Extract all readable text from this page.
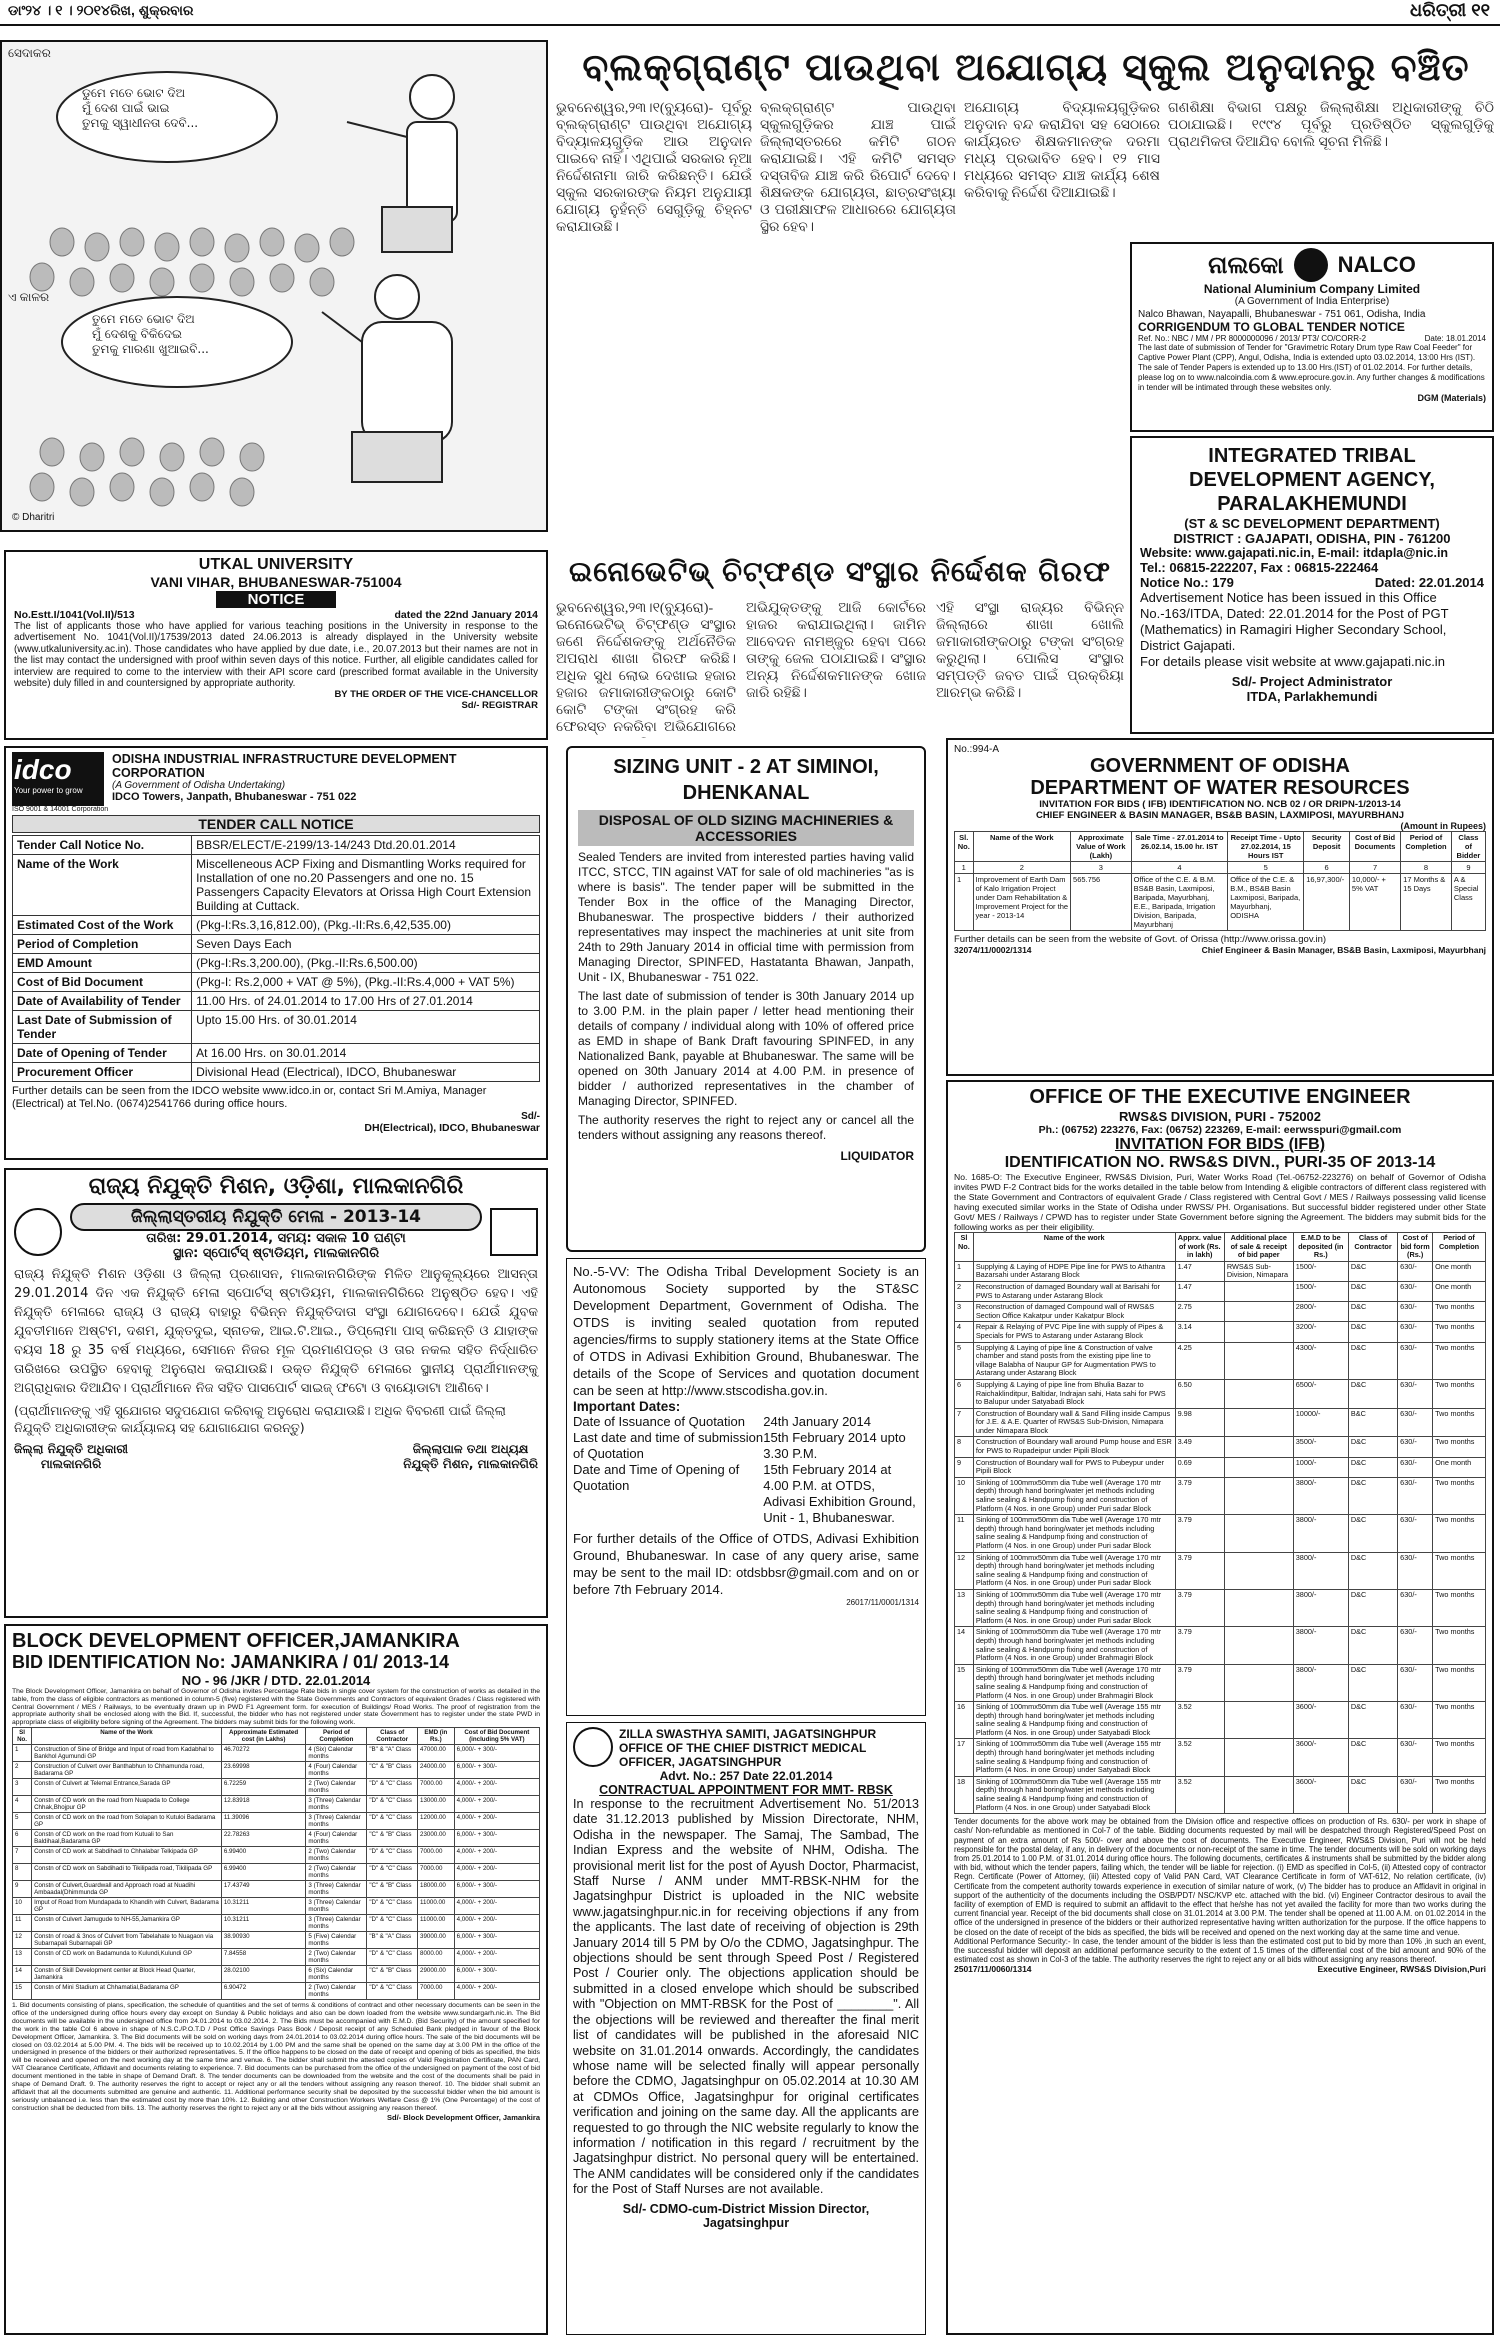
ଡାଂ୨୪ । ୧ । ୨୦୧୪ରିଖ, ଶୁକ୍ରବାର	ଧରିତ୍ରୀ ୧୧
ସେଦାକର
ଡୁମେ ମତେ ଭୋଟ ଦିଅ
ମୁଁ ଦେଶ ପାଇଁ ଭାଇ
ତୁମକୁ ସ୍ୱାଧୀନତା ଦେବି...
ଏ କାଳର
ତୁମେ ମତେ ଭୋଟ ଦିଅ
ମୁଁ ଦେଶକୁ ବିକିଦେଇ
ତୁମକୁ ମାରଣା ଖୁଆଇବି...
© Dharitri
ବ୍ଲକ୍‌ଗ୍ରାଣ୍ଟ ପାଉଥିବା ଅଯୋଗ୍ୟ ସ୍କୁଲ ଅନୁଦାନରୁ ବଞ୍ଚିତ

ଭୁବନେଶ୍ୱର,୨୩।୧(ବ୍ୟୁରୋ)- ପୂର୍ବରୁ ବ୍ଲକ୍‌ଗ୍ରାଣ୍ଟ ପାଉଥିବା ଅଯୋଗ୍ୟ ବିଦ୍ୟାଳୟଗୁଡ଼ିକ ଆଉ ଅନୁଦାନ ପାଇବେ ନାହିଁ। ଏଥିପାଇଁ ସରକାର ନୂଆ ନିର୍ଦ୍ଦେଶନାମା ଜାରି କରିଛନ୍ତି। ଯେଉଁ ସ୍କୁଲ ସରକାରଙ୍କ ନିୟମ ଅନୁଯାୟୀ ଯୋଗ୍ୟ ନୁହଁନ୍ତି ସେଗୁଡ଼ିକୁ ଚିହ୍ନଟ କରାଯାଉଛି।

ବ୍ଲକ୍‌ଗ୍ରାଣ୍ଟ ପାଉଥିବା ସ୍କୁଲଗୁଡ଼ିକର ଯାଞ୍ଚ ପାଇଁ ଜିଲ୍ଲାସ୍ତରରେ କମିଟି ଗଠନ କରାଯାଇଛି। ଏହି କମିଟି ସମସ୍ତ ଦସ୍ତାବିଜ ଯାଞ୍ଚ କରି ରିପୋର୍ଟ ଦେବେ। ଶିକ୍ଷକଙ୍କ ଯୋଗ୍ୟତା, ଛାତ୍ରସଂଖ୍ୟା ଓ ପରୀକ୍ଷାଫଳ ଆଧାରରେ ଯୋଗ୍ୟତା ସ୍ଥିର ହେବ।

ଅଯୋଗ୍ୟ ବିଦ୍ୟାଳୟଗୁଡ଼ିକର ଅନୁଦାନ ବନ୍ଦ କରାଯିବା ସହ ସେଠାରେ କାର୍ଯ୍ୟରତ ଶିକ୍ଷକମାନଙ୍କ ଦରମା ମଧ୍ୟ ପ୍ରଭାବିତ ହେବ। ୧୨ ମାସ ମଧ୍ୟରେ ସମସ୍ତ ଯାଞ୍ଚ କାର୍ଯ୍ୟ ଶେଷ କରିବାକୁ ନିର୍ଦ୍ଦେଶ ଦିଆଯାଇଛି।

ଗଣଶିକ୍ଷା ବିଭାଗ ପକ୍ଷରୁ ଜିଲ୍ଲାଶିକ୍ଷା ଅଧିକାରୀଙ୍କୁ ଚିଠି ପଠାଯାଇଛି। ୧୯୯୪ ପୂର୍ବରୁ ପ୍ରତିଷ୍ଠିତ ସ୍କୁଲଗୁଡ଼ିକୁ ପ୍ରାଥମିକତା ଦିଆଯିବ ବୋଲି ସୂଚନା ମିଳିଛି।

ନାଲକୋ NALCO
National Aluminium Company Limited
(A Government of India Enterprise)
Nalco Bhawan, Nayapalli, Bhubaneswar - 751 061, Odisha, India
CORRIGENDUM TO GLOBAL TENDER NOTICE
Ref. No.: NBC / MM / PR 8000000096 / 2013/ PT3/ CO/CORR-2	Date: 18.01.2014
The last date of submission of Tender for "Gravimetric Rotary Drum type Raw Coal Feeder" for Captive Power Plant (CPP), Angul, Odisha, India is extended upto 03.02.2014, 13:00 Hrs (IST). The sale of Tender Papers is extended up to 13.00 Hrs.(IST) of 01.02.2014. For further details, please log on to www.nalcoindia.com & www.eprocure.gov.in. Any further changes & modifications in tender will be intimated through these websites only.
DGM (Materials)
INTEGRATED TRIBAL DEVELOPMENT AGENCY, PARALAKHEMUNDI
(ST & SC DEVELOPMENT DEPARTMENT)
DISTRICT : GAJAPATI, ODISHA, PIN - 761200
Website: www.gajapati.nic.in, E-mail: itdapla@nic.in
Tel.: 06815-222207, Fax : 06815-222464
Notice No.: 179	Dated: 22.01.2014
Advertisement Notice has been issued in this Office No.-163/ITDA, Dated: 22.01.2014 for the Post of PGT (Mathematics) in Ramagiri Higher Secondary School, District Gajapati.
For details please visit website at www.gajapati.nic.in
Sd/- Project Administrator
ITDA, Parlakhemundi
UTKAL UNIVERSITY
VANI VIHAR, BHUBANESWAR-751004
NOTICE
No.Estt.I/1041(Vol.II)/513	dated the 22nd January 2014
The list of applicants those who have applied for various teaching positions in the University in response to the advertisement No. 1041(Vol.II)/17539/2013 dated 24.06.2013 is already displayed in the University website (www.utkaluniversity.ac.in). Those candidates who have applied by due date, i.e., 20.07.2013 but their names are not in the list may contact the undersigned with proof within seven days of this notice. Further, all eligible candidates called for interview are required to come to the interview with their API score card (prescribed format available in the University website) duly filled in and countersigned by appropriate authority.
BY THE ORDER OF THE VICE-CHANCELLOR
Sd/- REGISTRAR
ଇନୋଭେଟିଭ୍ ଚିଟ୍‌ଫଣ୍ଡ ସଂସ୍ଥାର ନିର୍ଦ୍ଦେଶକ ଗିରଫ

ଭୁବନେଶ୍ୱର,୨୩।୧(ବ୍ୟୁରୋ)- ଇନୋଭେଟିଭ୍ ଚିଟ୍‌ଫଣ୍ଡ ସଂସ୍ଥାର ଜଣେ ନିର୍ଦ୍ଦେଶକଙ୍କୁ ଅର୍ଥନୈତିକ ଅପରାଧ ଶାଖା ଗିରଫ କରିଛି। ଅଧିକ ସୁଧ ଲୋଭ ଦେଖାଇ ହଜାର ହଜାର ଜମାକାରୀଙ୍କଠାରୁ କୋଟି କୋଟି ଟଙ୍କା ସଂଗ୍ରହ କରି ଫେରସ୍ତ ନକରିବା ଅଭିଯୋଗରେ

ଅଭିଯୁକ୍ତଙ୍କୁ ଆଜି କୋର୍ଟରେ ହାଜର କରାଯାଇଥିଲା। ଜାମିନ ଆବେଦନ ନାମଞ୍ଜୁର ହେବା ପରେ ତାଙ୍କୁ ଜେଲ ପଠାଯାଇଛି। ସଂସ୍ଥାର ଅନ୍ୟ ନିର୍ଦ୍ଦେଶକମାନଙ୍କ ଖୋଜ ଜାରି ରହିଛି।

ଏହି ସଂସ୍ଥା ରାଜ୍ୟର ବିଭିନ୍ନ ଜିଲ୍ଲାରେ ଶାଖା ଖୋଲି ଜମାକାରୀଙ୍କଠାରୁ ଟଙ୍କା ସଂଗ୍ରହ କରୁଥିଲା। ପୋଲିସ ସଂସ୍ଥାର ସମ୍ପତ୍ତି ଜବତ ପାଇଁ ପ୍ରକ୍ରିୟା ଆରମ୍ଭ କରିଛି।

idco
Your power to grow
ODISHA INDUSTRIAL INFRASTRUCTURE DEVELOPMENT CORPORATION
(A Government of Odisha Undertaking)
IDCO Towers, Janpath, Bhubaneswar - 751 022
ISO 9001 & 14001 Corporation
TENDER CALL NOTICE
Tender Call Notice No.	BBSR/ELECT/E-2199/13-14/243 Dtd.20.01.2014
Name of the Work	Miscelleneous ACP Fixing and Dismantling Works required for Installation of one no.20 Passengers and one no. 15 Passengers Capacity Elevators at Orissa High Court Extension Building at Cuttack.
Estimated Cost of the Work	(Pkg-I:Rs.3,16,812.00), (Pkg.-II:Rs.6,42,535.00)
Period of Completion	Seven Days Each
EMD Amount	(Pkg-I:Rs.3,200.00), (Pkg.-II:Rs.6,500.00)
Cost of Bid Document	(Pkg-I: Rs.2,000 + VAT @ 5%), (Pkg.-II:Rs.4,000 + VAT 5%)
Date of Availability of Tender	11.00 Hrs. of 24.01.2014 to 17.00 Hrs of 27.01.2014
Last Date of Submission of Tender	Upto 15.00 Hrs. of 30.01.2014
Date of Opening of Tender	At 16.00 Hrs. on 30.01.2014
Procurement Officer	Divisional Head (Electrical), IDCO, Bhubaneswar
Further details can be seen from the IDCO website www.idco.in or, contact Sri M.Amiya, Manager (Electrical) at Tel.No. (0674)2541766 during office hours.
Sd/-
DH(Electrical), IDCO, Bhubaneswar
SIZING UNIT - 2 AT SIMINOI, DHENKANAL
DISPOSAL OF OLD SIZING MACHINERIES & ACCESSORIES
Sealed Tenders are invited from interested parties having valid ITCC, STCC, TIN against VAT for sale of old machineries "as is where is basis". The tender paper will be submitted in the Tender Box in the office of the Managing Director, Bhubaneswar. The prospective bidders / their authorized representatives may inspect the machineries at unit site from 24th to 29th January 2014 in official time with permission from Managing Director, SPINFED, Hastatanta Bhawan, Janpath, Unit - IX, Bhubaneswar - 751 022.
The last date of submission of tender is 30th January 2014 up to 3.00 P.M. in the plain paper / letter head mentioning their details of company / individual along with 10% of offered price as EMD in shape of Bank Draft favouring SPINFED, in any Nationalized Bank, payable at Bhubaneswar. The same will be opened on 30th January 2014 at 4.00 P.M. in presence of bidder / authorized representatives in the chamber of Managing Director, SPINFED.
The authority reserves the right to reject any or cancel all the tenders without assigning any reasons thereof.
LIQUIDATOR
No.:994-A
GOVERNMENT OF ODISHA
DEPARTMENT OF WATER RESOURCES
INVITATION FOR BIDS ( IFB) IDENTIFICATION NO. NCB 02 / OR DRIPN-1/2013-14
CHIEF ENGINEER & BASIN MANAGER, BS&B BASIN, LAXMIPOSI, MAYURBHANJ
(Amount in Rupees)
Sl. No.	Name of the Work	Approximate Value of Work (Lakh)	Sale Time - 27.01.2014 to 26.02.14, 15.00 hr. IST	Receipt Time - Upto 27.02.2014, 15 Hours IST	Security Deposit	Cost of Bid Documents	Period of Completion	Class of Bidder
1	2	3	4	5	6	7	8	9
1	Improvement of Earth Dam of Kalo Irrigation Project under Dam Rehabilitation & Improvement Project for the year - 2013-14	565.756	Office of the C.E. & B.M. BS&B Basin, Laxmiposi, Baripada, Mayurbhanj, E.E., Baripada, Irrigation Division, Baripada, Mayurbhanj	Office of the C.E. & B.M., BS&B Basin Laxmiposi, Baripada, Mayurbhanj, ODISHA	16,97,300/-	10,000/- + 5% VAT	17 Months & 15 Days	A & Special Class
Further details can be seen from the website of Govt. of Orissa (http://www.orissa.gov.in)
32074/11/0002/1314	Chief Engineer & Basin Manager, BS&B Basin, Laxmiposi, Mayurbhanj
OFFICE OF THE EXECUTIVE ENGINEER
RWS&S DIVISION, PURI - 752002
Ph.: (06752) 223276, Fax: (06752) 223269, E-mail: eerwsspuri@gmail.com
INVITATION FOR BIDS (IFB)
IDENTIFICATION NO. RWS&S DIVN., PURI-35 OF 2013-14
No. 1685-O: The Executive Engineer, RWS&S Division, Puri, Water Works Road (Tel.-06752-223276) on behalf of Governor of Odisha invites PWD F-2 Contract bids for the works detailed in the table below from Intending & eligible contractors of different class registered with the State Government and Contractors of equivalent Grade / Class registered with Central Govt / MES / Railways possessing valid license having executed similar works in the State of Odisha under RWSS/ PH. Organisations. But successful bidder registered under other State Govt/ MES / Railways / CPWD has to register under State Government before signing the Agreement. The bidders may submit bids for the following works as per their eligibility.
Sl No.	Name of the work	Apprx. value of work (Rs. in lakh)	Additional place of sale & receipt of bid paper	E.M.D to be deposited (in Rs.)	Class of Contractor	Cost of bid form (Rs.)	Period of Completion
1	Supplying & Laying of HDPE Pipe line for PWS to Athantra Bazarsahi under Astarang Block	1.47	RWS&S Sub-Division, Nimapara	1500/-	D&C	630/-	One month
2	Reconstruction of damaged Boundary wall at Barisahi for PWS to Astarang under Astarang Block	1.47		1500/-	D&C	630/-	One month
3	Reconstruction of damaged Compound wall of RWS&S Section Office Kakatpur under Kakatpur Block	2.75		2800/-	D&C	630/-	Two months
4	Repair & Relaying of PVC Pipe line with supply of Pipes & Specials for PWS to Astarang under Astarang Block	3.14		3200/-	D&C	630/-	Two months
5	Supplying & Laying of pipe line & Construction of valve chamber and stand posts from the existing pipe line to village Balabha of Naupur GP for Augmentation PWS to Astarang under Astarang Block	4.25		4300/-	D&C	630/-	Two months
6	Supplying & Laying of pipe line from Bhulia Bazar to Raichaklinditpur, Baltidar, Indrajan sahi, Hata sahi for PWS to Balupur under Satyabadi Block	6.50		6500/-	D&C	630/-	Two months
7	Construction of Boundary wall & Sand Filling inside Campus for J.E. & A.E. Quarter of RWS&S Sub-Division, Nimapara under Nimapara Block	9.98		10000/-	B&C	630/-	Two months
8	Construction of Boundary wall around Pump house and ESR for PWS to Rupadeipur under Pipili Block	3.49		3500/-	D&C	630/-	Two months
9	Construction of Boundary wall for PWS to Pubeypur under Pipili Block	0.69		1000/-	D&C	630/-	One month
10	Sinking of 100mmx50mm dia Tube well (Average 170 mtr depth) through hand boring/water jet methods including saline sealing & Handpump fixing and construction of Platform (4 Nos. in one Group) under Puri sadar Block	3.79		3800/-	D&C	630/-	Two months
11	Sinking of 100mmx50mm dia Tube well (Average 170 mtr depth) through hand boring/water jet methods including saline sealing & Handpump fixing and construction of Platform (4 Nos. in one Group) under Puri sadar Block	3.79		3800/-	D&C	630/-	Two months
12	Sinking of 100mmx50mm dia Tube well (Average 170 mtr depth) through hand boring/water jet methods including saline sealing & Handpump fixing and construction of Platform (4 Nos. in one Group) under Puri sadar Block	3.79		3800/-	D&C	630/-	Two months
13	Sinking of 100mmx50mm dia Tube well (Average 170 mtr depth) through hand boring/water jet methods including saline sealing & Handpump fixing and construction of Platform (4 Nos. in one Group) under Puri sadar Block	3.79		3800/-	D&C	630/-	Two months
14	Sinking of 100mmx50mm dia Tube well (Average 170 mtr depth) through hand boring/water jet methods including saline sealing & Handpump fixing and construction of Platform (4 Nos. in one Group) under Brahmagiri Block	3.79		3800/-	D&C	630/-	Two months
15	Sinking of 100mmx50mm dia Tube well (Average 170 mtr depth) through hand boring/water jet methods including saline sealing & Handpump fixing and construction of Platform (4 Nos. in one Group) under Brahmagiri Block	3.79		3800/-	D&C	630/-	Two months
16	Sinking of 100mmx50mm dia Tube well (Average 155 mtr depth) through hand boring/water jet methods including saline sealing & Handpump fixing and construction of Platform (4 Nos. in one Group) under Satyabadi Block	3.52		3600/-	D&C	630/-	Two months
17	Sinking of 100mmx50mm dia Tube well (Average 155 mtr depth) through hand boring/water jet methods including saline sealing & Handpump fixing and construction of Platform (4 Nos. in one Group) under Satyabadi Block	3.52		3600/-	D&C	630/-	Two months
18	Sinking of 100mmx50mm dia Tube well (Average 155 mtr depth) through hand boring/water jet methods including saline sealing & Handpump fixing and construction of Platform (4 Nos. in one Group) under Satyabadi Block	3.52		3600/-	D&C	630/-	Two months
Tender documents for the above work may be obtained from the Division office and respective offices on production of Rs. 630/- per work in shape of cash/ Non-refundable as mentioned in Col-7 of the table. Bidding documents requested by mail will be despatched through Registered/Speed Post on payment of an extra amount of Rs 500/- over and above the cost of documents. The Executive Engineer, RWS&S Division, Puri will not be held responsible for the postal delay, if any, in delivery of the documents or non-receipt of the same in time. The tender documents will be sold on working days from 25.01.2014 to 1.00 P.M. of 31.01.2014 during office hours. The following documents, certificates & instruments shall be submitted by the bidder along with bid, without which the tender papers, failing which, the tender will be liable for rejection. (i) EMD as specified in Col-5, (ii) Attested copy of contractor Regn. Certificate (Power of Attorney, (iii) Attested copy of Valid PAN Card, VAT Clearance Certificate in form of VAT-612, No relation certificate, (iv) Certificate from the competent authority towards experience in execution of similar nature of work, (v) The bidder has to produce an Affidavit in original in support of the authenticity of the documents including the OSB/PDT/ NSC/KVP etc. attached with the bid. (vi) Engineer Contractor desirous to avail the facility of exemption of EMD is required to submit an affidavit to the effect that he/she has not yet availed the facility for more than two works during the current financial year. Receipt of the bid documents shall close on 31.01.2014 at 3.00 P.M. The tender shall be opened at 11.00 A.M. on 01.02.2014 in the office of the undersigned in presence of the bidders or their authorized representative having written authorization for the purpose. If the office happens to be closed on the date of receipt of the bids as specified, the bids will be received and opened on the next working day at the same time and venue.
Additional Performance Security:- In case, the tender amount of the bidder is less than the estimated cost put to bid by more than 10% ,in such an event, the successful bidder will deposit an additional performance security to the extent of 1.5 times of the differential cost of the bid amount and 90% of the estimated cost as shown in Col-3 of the table. The authority reserves the right to reject any or all bids without assigning any reasons thereof.
25017/11/0060/1314	Executive Engineer, RWS&S Division,Puri
ରାଜ୍ୟ ନିଯୁକ୍ତି ମିଶନ, ଓଡ଼ିଶା, ମାଲକାନଗିରି
ଜିଲ୍ଲାସ୍ତରୀୟ ନିଯୁକ୍ତି ମେଳା - 2013-14
ତାରିଖ: 29.01.2014, ସମୟ: ସକାଳ 10 ଘଣ୍ଟା
ସ୍ଥାନ: ସ୍ପୋର୍ଟସ୍ ଷ୍ଟାଡିୟମ, ମାଲକାନଗିରି
ରାଜ୍ୟ ନିଯୁକ୍ତି ମିଶନ ଓଡ଼ିଶା ଓ ଜିଲ୍ଲା ପ୍ରଶାସନ, ମାଲକାନଗିରିଙ୍କ ମିଳିତ ଆନୁକୂଲ୍ୟରେ ଆସନ୍ତା 29.01.2014 ଦିନ ଏକ ନିଯୁକ୍ତି ମେଳା ସ୍ପୋର୍ଟସ୍ ଷ୍ଟାଡିୟମ, ମାଲକାନଗିରିରେ ଅନୁଷ୍ଠିତ ହେବ। ଏହି ନିଯୁକ୍ତି ମେଳାରେ ରାଜ୍ୟ ଓ ରାଜ୍ୟ ବାହାରୁ ବିଭିନ୍ନ ନିଯୁକ୍ତିଦାତା ସଂସ୍ଥା ଯୋଗଦେବେ। ଯେଉଁ ଯୁବକ ଯୁବତୀମାନେ ଅଷ୍ଟମ, ଦଶମ, ଯୁକ୍ତଦୁଇ, ସ୍ନାତକ, ଆଇ.ଟି.ଆଇ., ଡିପ୍ଲୋମା ପାସ୍ କରିଛନ୍ତି ଓ ଯାହାଙ୍କ ବୟସ 18 ରୁ 35 ବର୍ଷ ମଧ୍ୟରେ, ସେମାନେ ନିଜର ମୂଳ ପ୍ରମାଣପତ୍ର ଓ ତାର ନକଲ ସହିତ ନିର୍ଦ୍ଧାରିତ ତାରିଖରେ ଉପସ୍ଥିତ ହେବାକୁ ଅନୁରୋଧ କରାଯାଉଛି। ଉକ୍ତ ନିଯୁକ୍ତି ମେଳାରେ ସ୍ଥାନୀୟ ପ୍ରାର୍ଥୀମାନଙ୍କୁ ଅଗ୍ରାଧିକାର ଦିଆଯିବ। ପ୍ରାର୍ଥୀମାନେ ନିଜ ସହିତ ପାସପୋର୍ଟ ସାଇଜ୍ ଫଟୋ ଓ ବାୟୋଡାଟା ଆଣିବେ।
(ପ୍ରାର୍ଥୀମାନଙ୍କୁ ଏହି ସୁଯୋଗର ସଦୁପଯୋଗ କରିବାକୁ ଅନୁରୋଧ କରାଯାଉଛି। ଅଧିକ ବିବରଣୀ ପାଇଁ ଜିଲ୍ଲା ନିଯୁକ୍ତି ଅଧିକାରୀଙ୍କ କାର୍ଯ୍ୟାଳୟ ସହ ଯୋଗାଯୋଗ କରନ୍ତୁ)
ଜିଲ୍ଲା ନିଯୁକ୍ତି ଅଧିକାରୀ
ମାଲକାନଗିରି
ଜିଲ୍ଲାପାଳ ତଥା ଅଧ୍ୟକ୍ଷ
ନିଯୁକ୍ତି ମିଶନ, ମାଲକାନଗିରି
No.-5-VV: The Odisha Tribal Development Society is an Autonomous Society supported by the ST&SC Development Department, Government of Odisha. The OTDS is inviting sealed quotation from reputed agencies/firms to supply stationery items at the State Office of OTDS in Adivasi Exhibition Ground, Bhubaneswar. The details of the Scope of Services and quotation document can be seen at http://www.stscodisha.gov.in.
Important Dates:
Date of Issuance of Quotation	24th January 2014
Last date and time of submission of Quotation	15th February 2014 upto 3.30 P.M.
Date and Time of Opening of Quotation	15th February 2014 at 4.00 P.M. at OTDS, Adivasi Exhibition Ground, Unit - 1, Bhubaneswar.
For further details of the Office of OTDS, Adivasi Exhibition Ground, Bhubaneswar. In case of any query arise, same may be sent to the mail ID: otdsbbsr@gmail.com and on or before 7th February 2014.
26017/11/0001/1314
ZILLA SWASTHYA SAMITI, JAGATSINGHPUR
OFFICE OF THE CHIEF DISTRICT MEDICAL OFFICER, JAGATSINGHPUR
Advt. No.: 257 Date 22.01.2014
CONTRACTUAL APPOINTMENT FOR MMT- RBSK
In response to the recruitment Advertisement No. 51/2013 date 31.12.2013 published by Mission Directorate, NHM, Odisha in the newspaper. The Samaj, The Sambad, The Indian Express and the website of NHM, Odisha. The provisional merit list for the post of Ayush Doctor, Pharmacist, Staff Nurse / ANM under MMT-RBSK-NHM for the Jagatsinghpur District is uploaded in the NIC website www.jagatsinghpur.nic.in for receiving objections if any from the applicants. The last date of receiving of objection is 29th January 2014 till 5 PM by O/o the CDMO, Jagatsinghpur. The objections should be sent through Speed Post / Registered Post / Courier only. The objections application should be submitted in a closed envelope which should be subscribed with "Objection on MMT-RBSK for the Post of ________". All the objections will be reviewed and thereafter the final merit list of candidates will be published in the aforesaid NIC website on 31.01.2014 onwards. Accordingly, the candidates whose name will be selected finally will appear personally before the CDMO, Jagatsinghpur on 05.02.2014 at 10.30 AM at CDMOs Office, Jagatsinghpur for original certificates verification and joining on the same day. All the applicants are requested to go through the NIC website regularly to know the information / notification in this regard / recruitment by the Jagatsinghpur district. No personal query will be entertained. The ANM candidates will be considered only if the candidates for the Post of Staff Nurses are not available.
Sd/- CDMO-cum-District Mission Director,
Jagatsinghpur
BLOCK DEVELOPMENT OFFICER,JAMANKIRA
BID IDENTIFICATION No: JAMANKIRA / 01/ 2013-14
NO - 96 /JKR / DTD. 22.01.2014
The Block Development Officer, Jamankira on behalf of Governor of Odisha invites Percentage Rate bids in single cover system for the construction of works as detailed in the table, from the class of eligible contractors as mentioned in column-5 (five) registered with the State Governments and Contractors of equivalent Grades / Class registered with Central Government / MES / Railways, to be eventually drawn up in PWD F1 Agreement form. for execution of Buildings/ Road Works. The proof of registration from the appropriate authority shall be enclosed along with the Bid. If, successful, the bidder who has not registered under state Government has to register under the state PWD in appropriate class of eligibility before signing of the Agreement. The bidders may submit bids for the following work.
Sl No.	Name of the Work	Approximate Estimated cost (in Lakhs)	Period of Completion	Class of Contractor	EMD (in Rs.)	Cost of Bid Document (including 5% VAT)
1	Construction of Sine of Bridge and Input of road from Kadabhal to Bankhol Agumundi GP	46.70272	4 (Six) Calendar months	"B" & "A" Class	47000.00	6,000/- + 300/-
2	Construction of Culvert over Banthabhun to Chhamunda road, Badarama GP	23.69998	4 (Four) Calendar months	"C" & "B" Class	24000.00	6,000/- + 300/-
3	Constn of Culvert at Telemal Entrance,Sarada GP	6.72259	2 (Two) Calendar months	"D" & "C" Class	7000.00	4,000/- + 200/-
4	Constn of CD work on the road from Nuapada to College Chhak,Bhojpur GP	12.83918	3 (Three) Calendar months	"D" & "C" Class	13000.00	4,000/- + 200/-
5	Constn of CD work on the road from Solapan to Kutuloi Badarama GP	11.39096	3 (Three) Calendar months	"D" & "C" Class	12000.00	4,000/- + 200/-
6	Constn of CD work on the road from Kutuali to San Baldihaal,Badarama GP	22.78263	4 (Four) Calendar months	"C" & "B" Class	23000.00	6,000/- + 300/-
7	Constn of CD work at Sabdihadi to Chhalabar Telkipada GP	6.99400	2 (Two) Calendar months	"D" & "C" Class	7000.00	4,000/- + 200/-
8	Constn of CD work on Sabdihadi to Tikilipada road, Tikilipada GP	6.99400	2 (Two) Calendar months	"D" & "C" Class	7000.00	4,000/- + 200/-
9	Constn of Culvert,Guardwall and Approach road at Nuadihi Ambaadal(Dhimmunda GP	17.43749	3 (Three) Calendar months	"C" & "B" Class	18000.00	6,000/- + 300/-
10	Imput of Road from Mundapada to Khandih with Culvert, Badarama GP	10.31211	3 (Three) Calendar months	"D" & "C" Class	11000.00	4,000/- + 200/-
11	Constn of Culvert Jamugude to NH-55,Jamankira GP	10.31211	3 (Three) Calendar months	"D" & "C" Class	11000.00	4,000/- + 200/-
12	Constn of road & 3nos of Culvert from Tabelahate to Nuagaon via Subarnapali Subarnapali GP	38.90930	5 (Five) Calendar months	"B" & "A" Class	39000.00	6,000/- + 300/-
13	Constn of CD work on Badamunda to Kulundi,Kulundi GP	7.84558	2 (Two) Calendar months	"D" & "C" Class	8000.00	4,000/- + 200/-
14	Constn of Skill Development center at Block Head Quarter, Jamankira	28.02100	6 (Six) Calendar months	"C" & "B" Class	29000.00	6,000/- + 300/-
15	Constn of Mini Stadium at Chhamatial,Badarama GP	6.90472	2 (Two) Calendar months	"D" & "C" Class	7000.00	4,000/- + 200/-
1. Bid documents consisting of plans, specification, the schedule of quantities and the set of terms & conditions of contract and other necessary documents can be seen in the office of the undersigned during office hours every day except on Sunday & Public holidays and also can be down loaded from the website www.sundargarh.nic.in. The Bid documents will be available in the undersigned office from 24.01.2014 to 03.02.2014. 2. The Bids must be accompanied with E.M.D. (Bid Security) of the amount specified for the work in the table Col 6 above in shape of N.S.C./P.O.T.D / Post Office Savings Pass Book / Deposit receipt of any Scheduled Bank pledged in favour of the Block Development Officer, Jamankira. 3. The Bid documents will be sold on working days from 24.01.2014 to 03.02.2014 during office hours. The sale of the bid documents will be closed on 03.02.2014 at 5.00 PM. 4. The bids will be received up to 10.02.2014 by 1.00 PM and the same shall be opened on the same day at 3.00 PM in the office of the undersigned in presence of the bidders or their authorized representatives. 5. If the office happens to be closed on the date of receipt and opening of bids as specified, the bids will be received and opened on the next working day at the same time and venue. 6. The bidder shall submit the attested copies of Valid Registration Certificate, PAN Card, VAT Clearance Certificate, Affidavit and documents relating to experience. 7. Bid documents can be purchased from the office of the undersigned on payment of the cost of bid document mentioned in the table in shape of Demand Draft. 8. The tender documents can be downloaded from the website and the cost of the documents shall be paid in shape of Demand Draft. 9. The authority reserves the right to accept or reject any or all the tenders without assigning any reason thereof. 10. The bidder shall submit an affidavit that all the documents submitted are genuine and authentic. 11. Additional performance security shall be deposited by the successful bidder when the bid amount is seriously unbalanced i.e. less than the estimated cost by more than 10%. 12. Building and other Construction Workers Welfare Cess @ 1% (One Percentage) of the cost of construction shall be deducted from bills. 13. The authority reserves the right to reject any or all the bids without assigning any reason thereof.
Sd/- Block Development Officer, Jamankira
